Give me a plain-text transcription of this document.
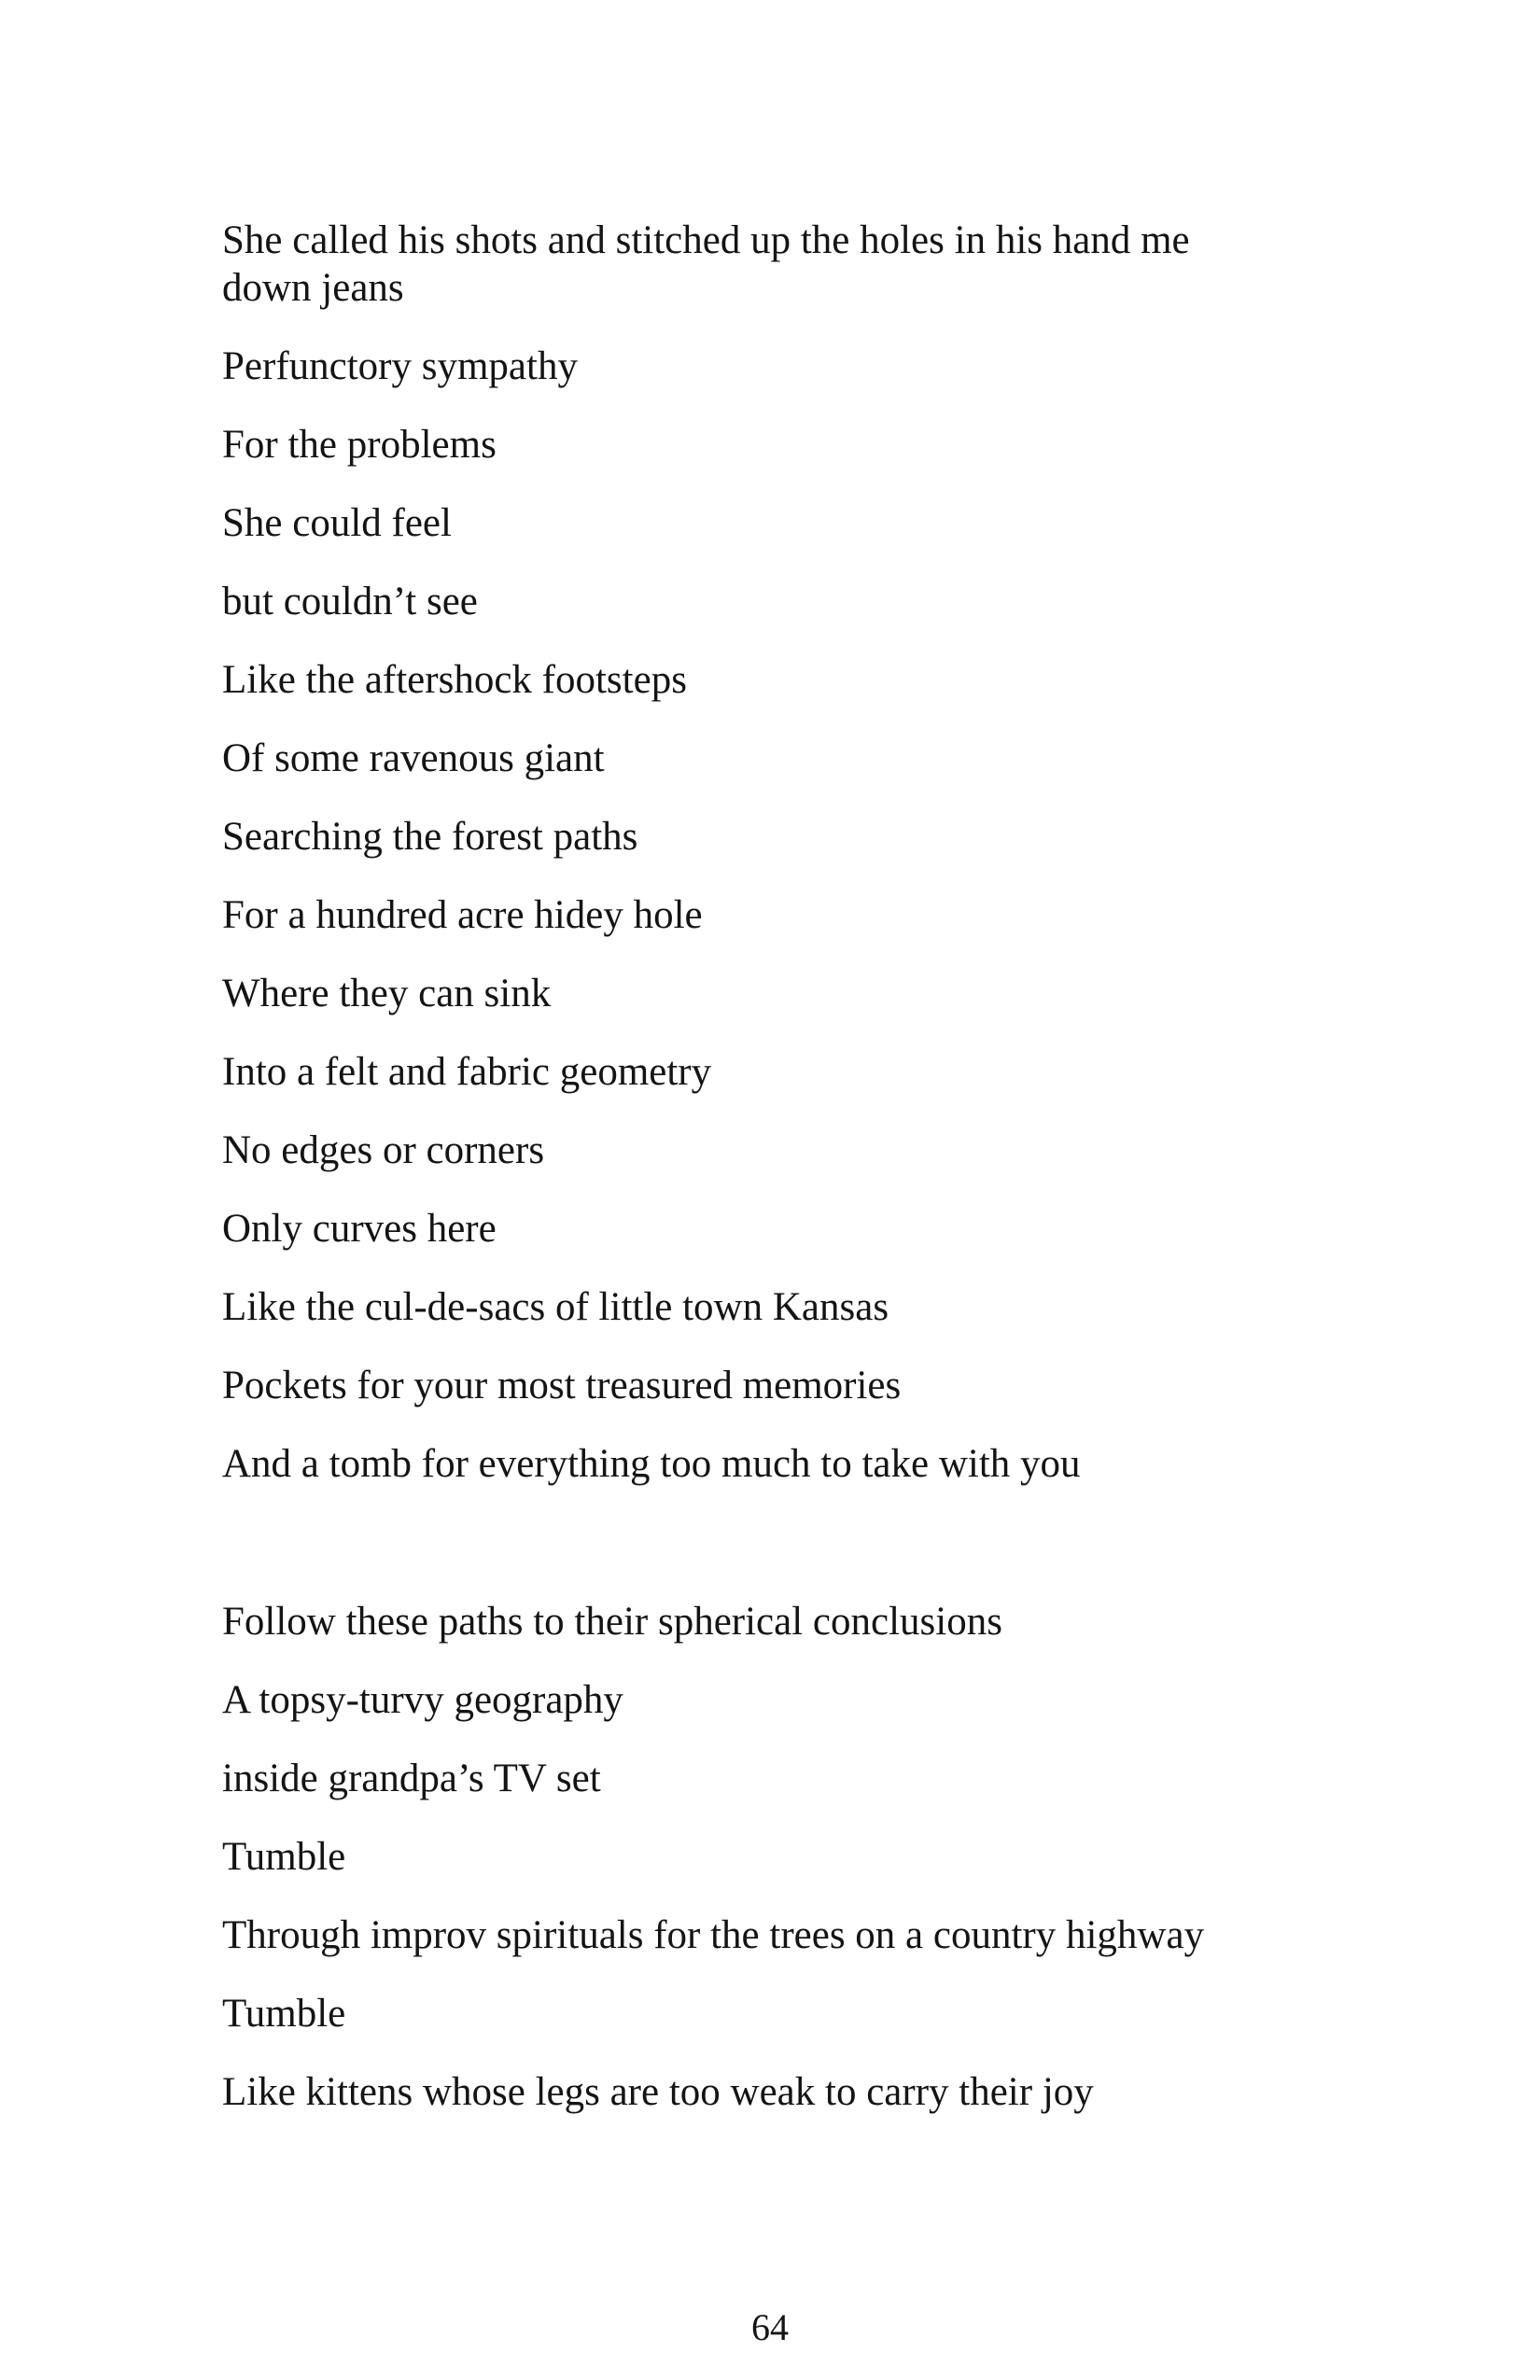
She called his shots and stitched up the holes in his hand me down jeans
Perfunctory sympathy
For the problems
She could feel
but couldn’t see
Like the aftershock footsteps
Of some ravenous giant
Searching the forest paths
For a hundred acre hidey hole
Where they can sink
Into a felt and fabric geometry
No edges or corners
Only curves here
Like the cul-de-sacs of little town Kansas
Pockets for your most treasured memories
And a tomb for everything too much to take with you
Follow these paths to their spherical conclusions
A topsy-turvy geography
inside grandpa’s TV set
Tumble
Through improv spirituals for the trees on a country highway
Tumble
Like kittens whose legs are too weak to carry their joy
64
